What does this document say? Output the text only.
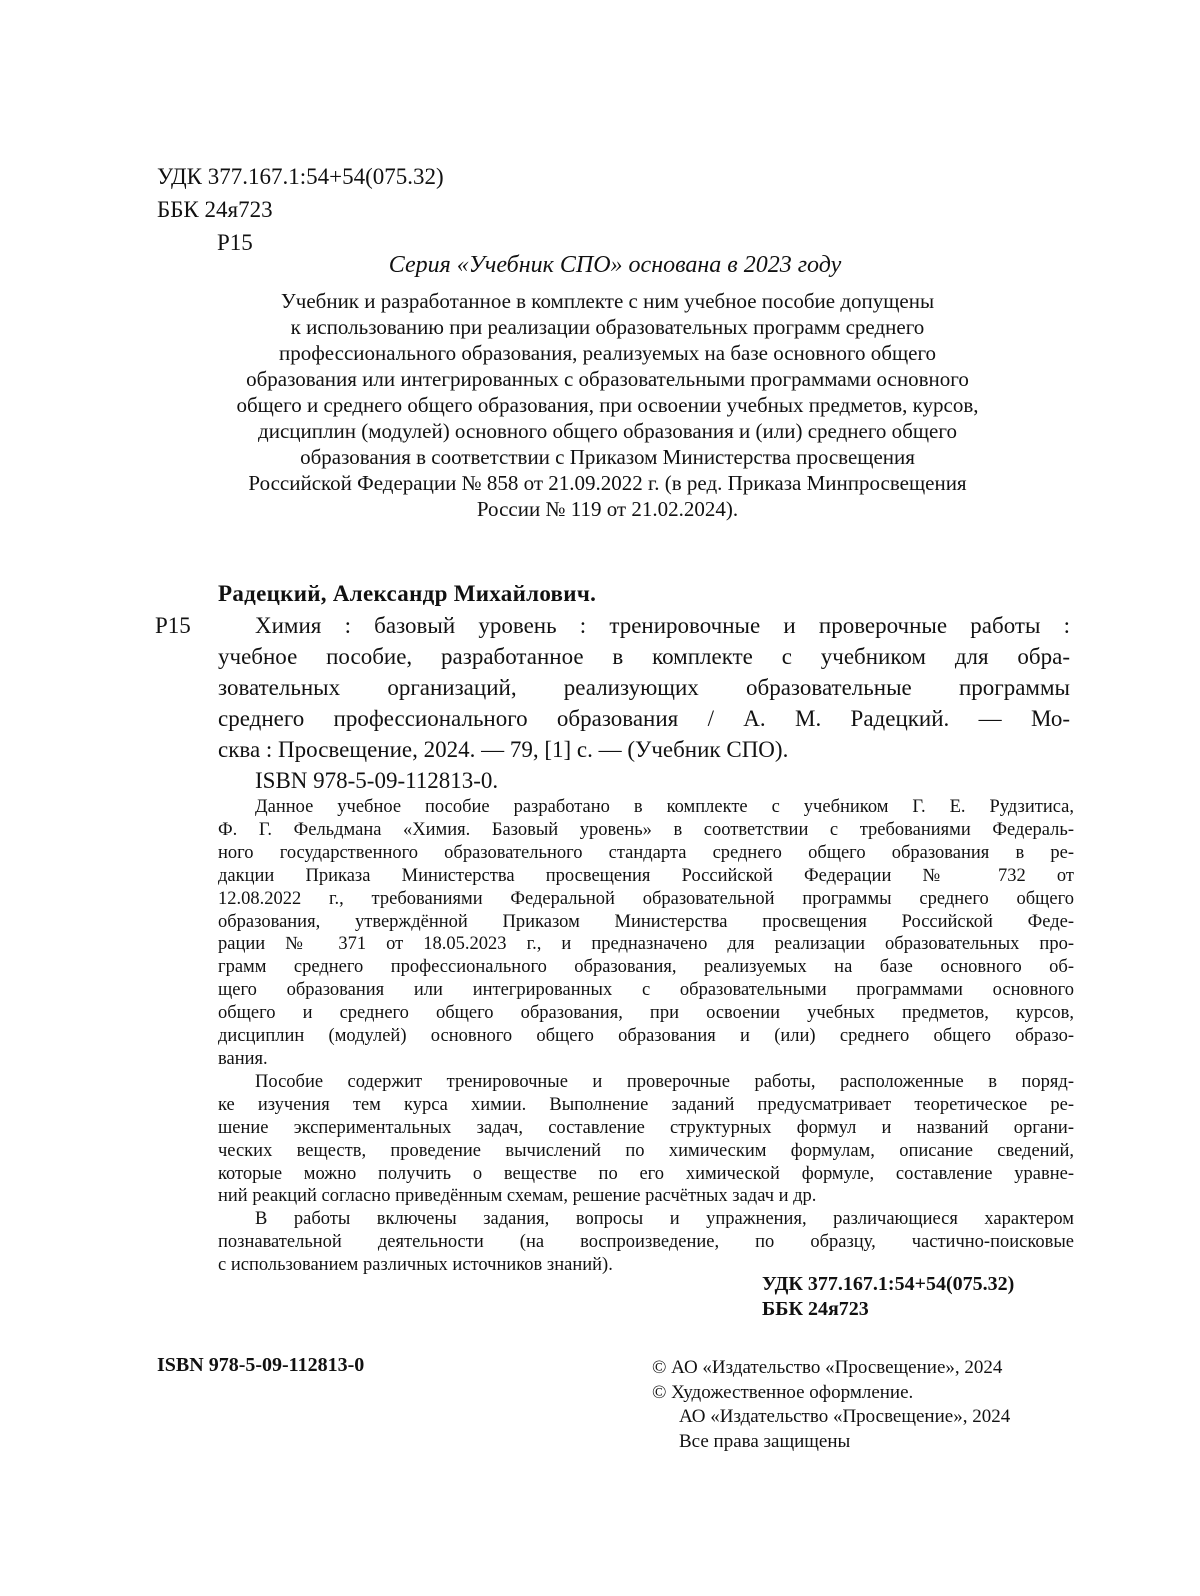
УДК 377.167.1:54+54(075.32)
ББК 24я723
Р15
Серия «Учебник СПО» основана в 2023 году
Учебник и разработанное в комплекте с ним учебное пособие допущены
к использованию при реализации образовательных программ среднего
профессионального образования, реализуемых на базе основного общего
образования или интегрированных с образовательными программами основного
общего и среднего общего образования, при освоении учебных предметов, курсов,
дисциплин (модулей) основного общего образования и (или) среднего общего
образования в соответствии с Приказом Министерства просвещения
Российской Федерации № 858 от 21.09.2022 г. (в ред. Приказа Минпросвещения
России № 119 от 21.02.2024).
Радецкий, Александр Михайлович.
Р15	Химия : базовый уровень : тренировочные и проверочные работы :
учебное пособие, разработанное в комплекте с учебником для обра-
зовательных организаций, реализующих образовательные программы
среднего профессионального образования / А. М. Радецкий. — Мо-
сква : Просвещение, 2024. — 79, [1] с. — (Учебник СПО).
ISBN 978-5-09-112813-0.
Данное учебное пособие разработано в комплекте с учебником Г. Е. Рудзитиса,
Ф. Г. Фельдмана «Химия. Базовый уровень» в соответствии с требованиями Федераль-
ного государственного образовательного стандарта среднего общего образования в ре-
дакции Приказа Министерства просвещения Российской Федерации № 732 от
12.08.2022 г., требованиями Федеральной образовательной программы среднего общего
образования, утверждённой Приказом Министерства просвещения Российской Феде-
рации № 371 от 18.05.2023 г., и предназначено для реализации образовательных про-
грамм среднего профессионального образования, реализуемых на базе основного об-
щего образования или интегрированных с образовательными программами основного
общего и среднего общего образования, при освоении учебных предметов, курсов,
дисциплин (модулей) основного общего образования и (или) среднего общего образо-
вания.
Пособие содержит тренировочные и проверочные работы, расположенные в поряд-
ке изучения тем курса химии. Выполнение заданий предусматривает теоретическое ре-
шение экспериментальных задач, составление структурных формул и названий органи-
ческих веществ, проведение вычислений по химическим формулам, описание сведений,
которые можно получить о веществе по его химической формуле, составление уравне-
ний реакций согласно приведённым схемам, решение расчётных задач и др.
В работы включены задания, вопросы и упражнения, различающиеся характером
познавательной деятельности (на воспроизведение, по образцу, частично-поисковые
с использованием различных источников знаний).
УДК 377.167.1:54+54(075.32)
ББК 24я723
ISBN 978-5-09-112813-0	© АО «Издательство «Просвещение», 2024
© Художественное оформление.
АО «Издательство «Просвещение», 2024
Все права защищены
